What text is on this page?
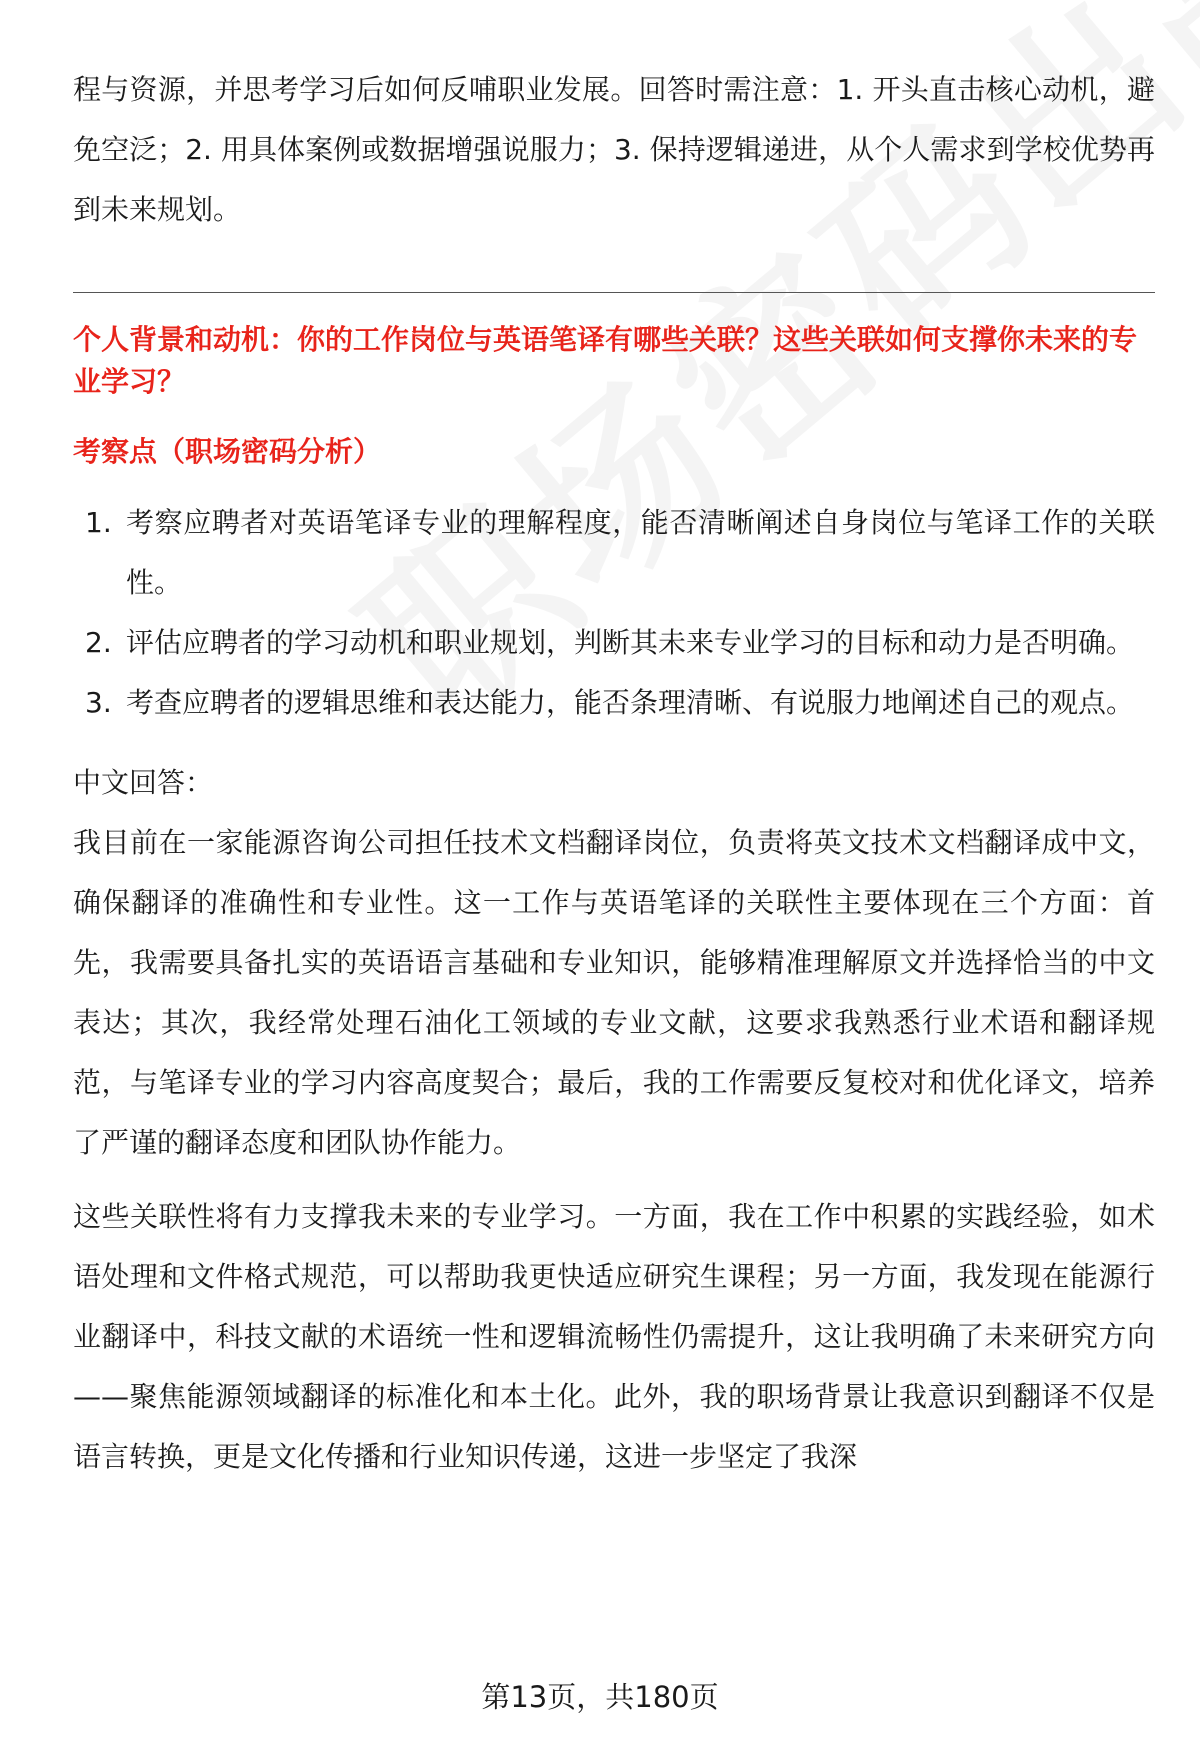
程与资源，并思考学习后如何反哺职业发展。回答时需注意：1. 开头直击核心动机，避免空泛；2. 用具体案例或数据增强说服力；3. 保持逻辑递进，从个人需求到学校优势再到未来规划。

个人背景和动机：你的工作岗位与英语笔译有哪些关联？这些关联如何支撑你未来的专业学习？

考察点（职场密码分析）

1. 考察应聘者对英语笔译专业的理解程度，能否清晰阐述自身岗位与笔译工作的关联性。
2. 评估应聘者的学习动机和职业规划，判断其未来专业学习的目标和动力是否明确。
3. 考查应聘者的逻辑思维和表达能力，能否条理清晰、有说服力地阐述自己的观点。

中文回答：

我目前在一家能源咨询公司担任技术文档翻译岗位，负责将英文技术文档翻译成中文，确保翻译的准确性和专业性。这一工作与英语笔译的关联性主要体现在三个方面：首先，我需要具备扎实的英语语言基础和专业知识，能够精准理解原文并选择恰当的中文表达；其次，我经常处理石油化工领域的专业文献，这要求我熟悉行业术语和翻译规范，与笔译专业的学习内容高度契合；最后，我的工作需要反复校对和优化译文，培养了严谨的翻译态度和团队协作能力。

这些关联性将有力支撑我未来的专业学习。一方面，我在工作中积累的实践经验，如术语处理和文件格式规范，可以帮助我更快适应研究生课程；另一方面，我发现在能源行业翻译中，科技文献的术语统一性和逻辑流畅性仍需提升，这让我明确了未来研究方向——聚焦能源领域翻译的标准化和本土化。此外，我的职场背景让我意识到翻译不仅是语言转换，更是文化传播和行业知识传递，这进一步坚定了我深

第13页，共180页
